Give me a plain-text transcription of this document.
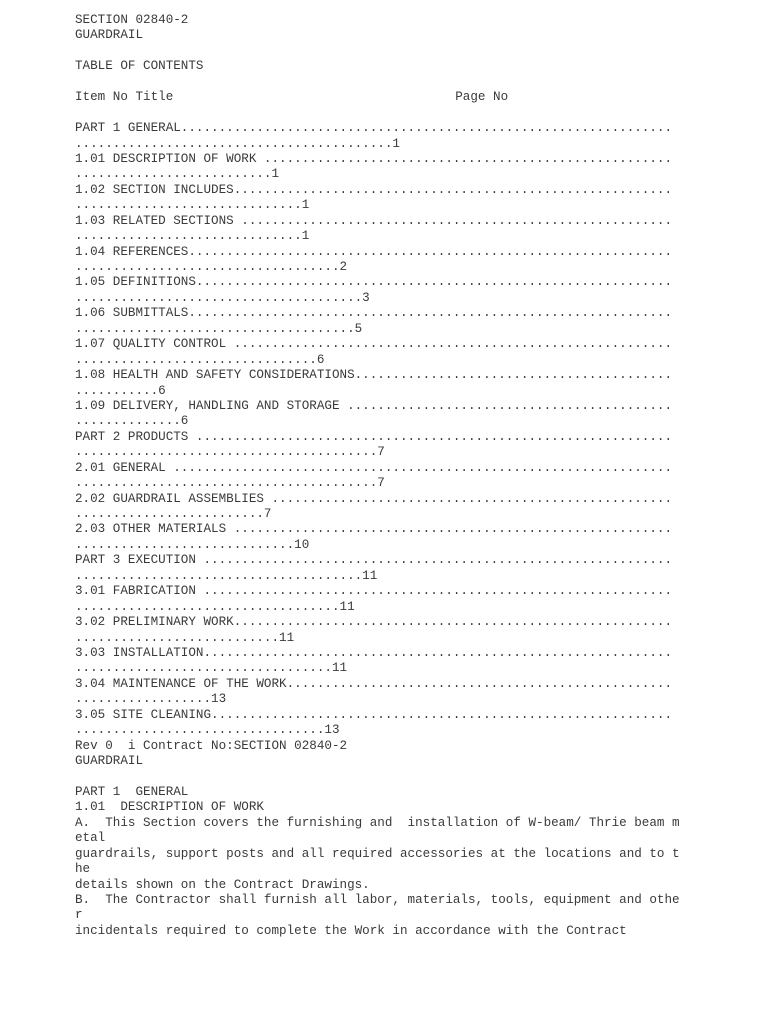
SECTION 02840-2
GUARDRAIL
TABLE OF CONTENTS
Item No Title	Page No
PART 1 GENERAL.................................................................
..........................................1
1.01 DESCRIPTION OF WORK ......................................................
..........................1
1.02 SECTION INCLUDES..........................................................
..............................1
1.03 RELATED SECTIONS .........................................................
..............................1
1.04 REFERENCES................................................................
...................................2
1.05 DEFINITIONS...............................................................
......................................3
1.06 SUBMITTALS................................................................
.....................................5
1.07 QUALITY CONTROL ..........................................................
................................6
1.08 HEALTH AND SAFETY CONSIDERATIONS..........................................
...........6
1.09 DELIVERY, HANDLING AND STORAGE ...........................................
..............6
PART 2 PRODUCTS ...............................................................
........................................7
2.01 GENERAL ..................................................................
........................................7
2.02 GUARDRAIL ASSEMBLIES .....................................................
.........................7
2.03 OTHER MATERIALS ..........................................................
.............................10
PART 3 EXECUTION ..............................................................
......................................11
3.01 FABRICATION ..............................................................
...................................11
3.02 PRELIMINARY WORK..........................................................
...........................11
3.03 INSTALLATION..............................................................
..................................11
3.04 MAINTENANCE OF THE WORK...................................................
..................13
3.05 SITE CLEANING.............................................................
.................................13
Rev 0  i Contract No:SECTION 02840-2
GUARDRAIL
PART 1  GENERAL
1.01  DESCRIPTION OF WORK
A.  This Section covers the furnishing and  installation of W-beam/ Thrie beam m
etal
guardrails, support posts and all required accessories at the locations and to t
he
details shown on the Contract Drawings.
B.  The Contractor shall furnish all labor, materials, tools, equipment and othe
r
incidentals required to complete the Work in accordance with the Contract
